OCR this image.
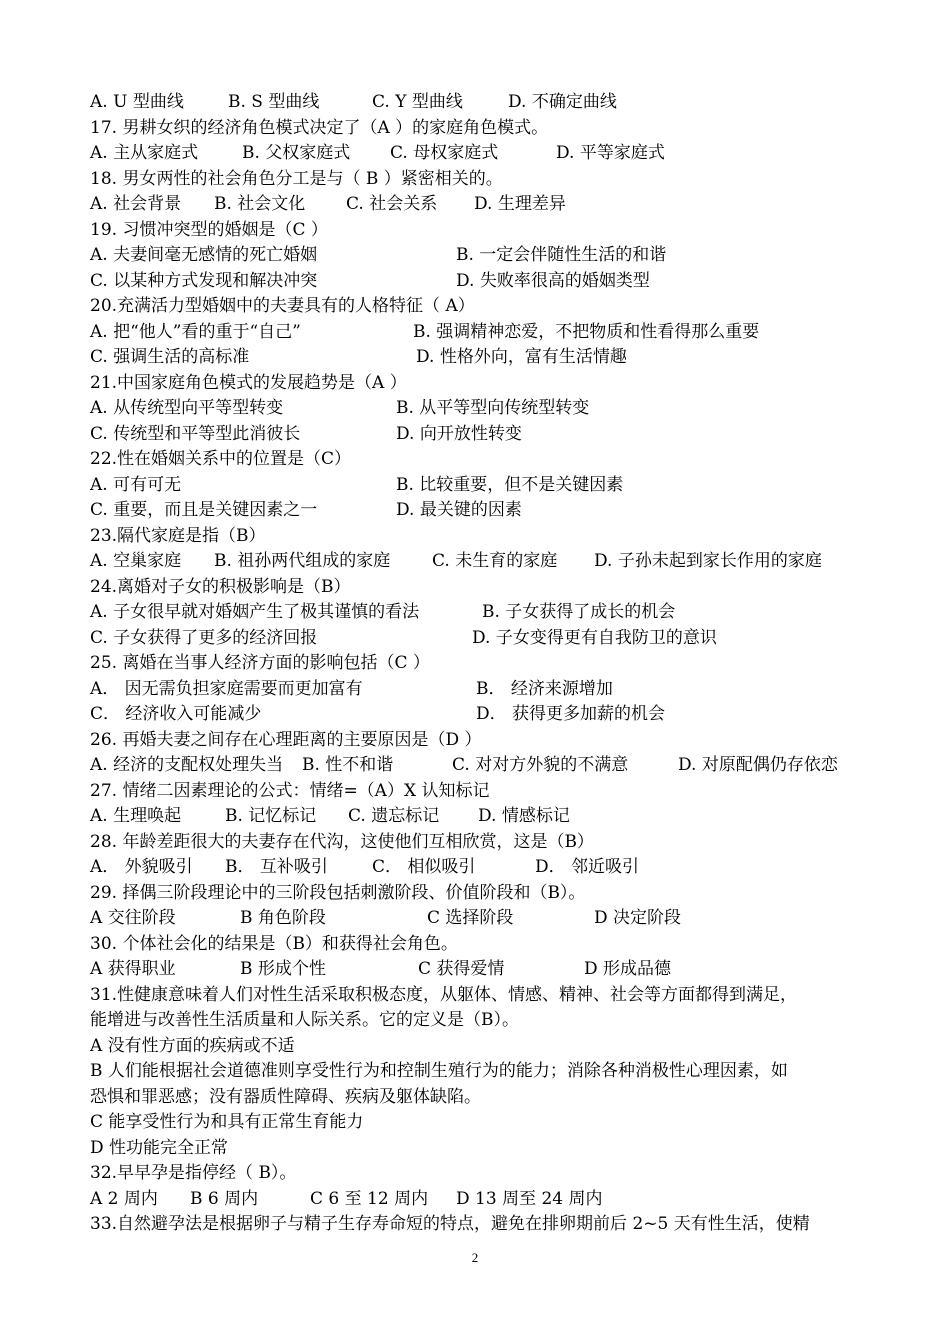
A. U 型曲线	B. S 型曲线	C. Y 型曲线	D. 不确定曲线
17. 男耕女织的经济角色模式决定了（A ）的家庭角色模式。
A. 主从家庭式	B. 父权家庭式 C. 母权家庭式	D. 平等家庭式
18. 男女两性的社会角色分工是与（ B ）紧密相关的。
A. 社会背景 B. 社会文化 C. 社会关系 D. 生理差异
19. 习惯冲突型的婚姻是（C ）
A. 夫妻间毫无感情的死亡婚姻	B. 一定会伴随性生活的和谐
C. 以某种方式发现和解决冲突	D. 失败率很高的婚姻类型
20.充满活力型婚姻中的夫妻具有的人格特征（ A）
A. 把“他人”看的重于“自己”	B. 强调精神恋爱，不把物质和性看得那么重要
C. 强调生活的高标准	D. 性格外向，富有生活情趣
21.中国家庭角色模式的发展趋势是（A ）
A. 从传统型向平等型转变	B. 从平等型向传统型转变
C. 传统型和平等型此消彼长	D. 向开放性转变
22.性在婚姻关系中的位置是（C）
A. 可有可无	B. 比较重要，但不是关键因素
C. 重要，而且是关键因素之一	D. 最关键的因素
23.隔代家庭是指（B）
A. 空巢家庭 B. 祖孙两代组成的家庭 C. 未生育的家庭 D. 子孙未起到家长作用的家庭
24.离婚对子女的积极影响是（B）
A. 子女很早就对婚姻产生了极其谨慎的看法	B. 子女获得了成长的机会
C. 子女获得了更多的经济回报	D. 子女变得更有自我防卫的意识
25. 离婚在当事人经济方面的影响包括（C ）
A． 因无需负担家庭需要而更加富有	B． 经济来源增加
C． 经济收入可能减少	D． 获得更多加薪的机会
26. 再婚夫妻之间存在心理距离的主要原因是（D ）
A. 经济的支配权处理失当 B. 性不和谐	C. 对对方外貌的不满意	D. 对原配偶仍存依恋
27. 情绪二因素理论的公式：情绪=（A）X 认知标记
A. 生理唤起	B. 记忆标记 C. 遗忘标记 D. 情感标记
28. 年龄差距很大的夫妻存在代沟，这使他们互相欣赏，这是（B）
A． 外貌吸引 B． 互补吸引	C． 相似吸引	D． 邻近吸引
29. 择偶三阶段理论中的三阶段包括刺激阶段、价值阶段和（B）。
A 交往阶段	B 角色阶段	C 选择阶段	D 决定阶段
30. 个体社会化的结果是（B）和获得社会角色。
A 获得职业	B 形成个性	C 获得爱情	D 形成品德
31.性健康意味着人们对性生活采取积极态度，从躯体、情感、精神、社会等方面都得到满足，
能增进与改善性生活质量和人际关系。它的定义是（B）。
A 没有性方面的疾病或不适
B 人们能根据社会道德准则享受性行为和控制生殖行为的能力；消除各种消极性心理因素，如
恐惧和罪恶感；没有器质性障碍、疾病及躯体缺陷。
C 能享受性行为和具有正常生育能力
D 性功能完全正常
32.早早孕是指停经（ B）。
A 2 周内 B 6 周内	C 6 至 12 周内 D 13 周至 24 周内
33.自然避孕法是根据卵子与精子生存寿命短的特点，避免在排卵期前后 2~5 天有性生活，使精
2
